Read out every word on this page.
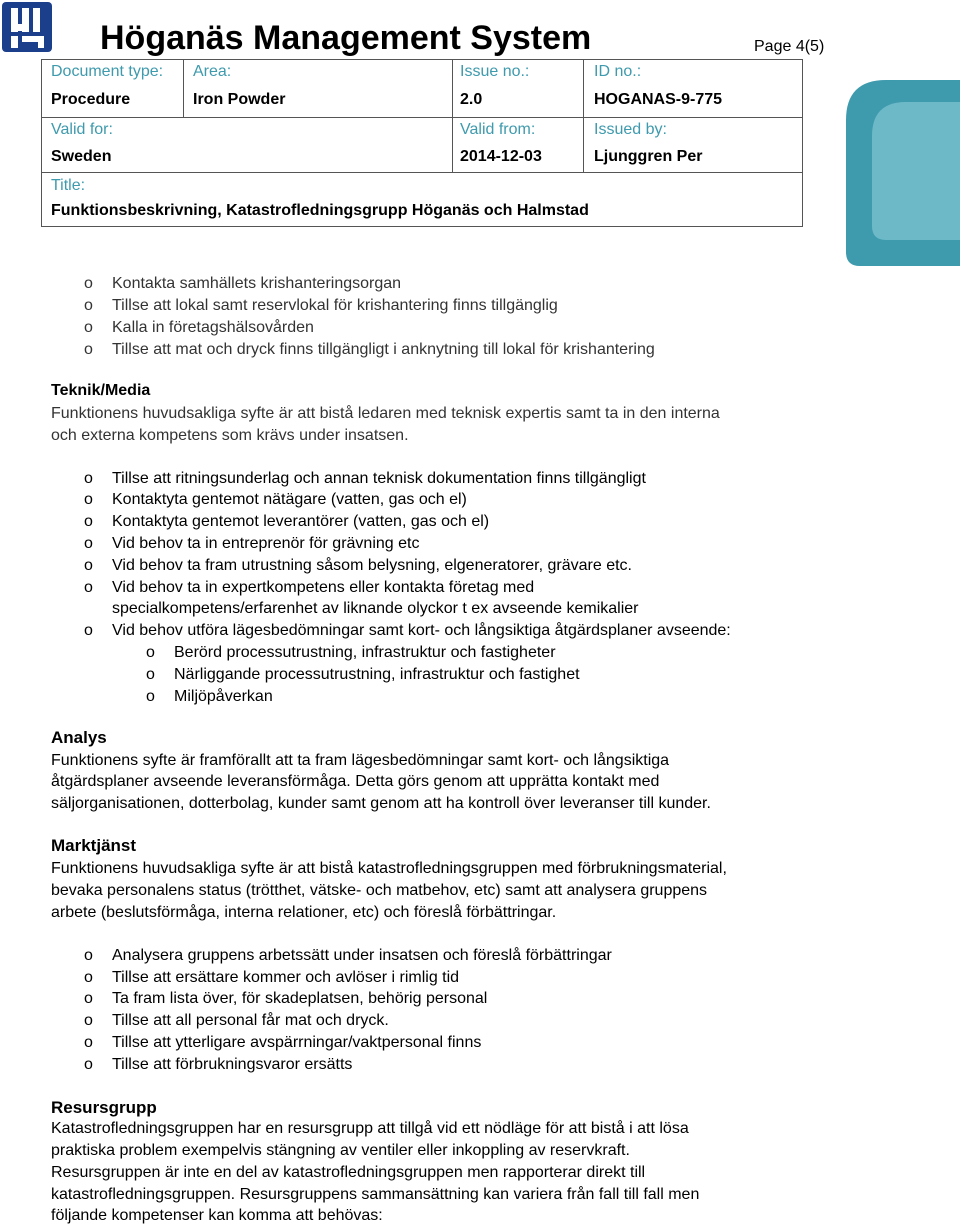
Höganäs Management System	Page 4(5)
Document type:
Procedure
Area:
Iron Powder
Issue no.:
2.0
ID no.:
HOGANAS-9-775
Valid for:
Sweden
Valid from:
2014-12-03
Issued by:
Ljunggren Per
Title:
Funktionsbeskrivning, Katastrofledningsgrupp Höganäs och Halmstad
o Kontakta samhällets krishanteringsorgan
o Tillse att lokal samt reservlokal för krishantering finns tillgänglig
o Kalla in företagshälsovården
o Tillse att mat och dryck finns tillgängligt i anknytning till lokal för krishantering
Teknik/Media
Funktionens huvudsakliga syfte är att bistå ledaren med teknisk expertis samt ta in den interna
och externa kompetens som krävs under insatsen.
o Tillse att ritningsunderlag och annan teknisk dokumentation finns tillgängligt
o Kontaktyta gentemot nätägare (vatten, gas och el)
o Kontaktyta gentemot leverantörer (vatten, gas och el)
o Vid behov ta in entreprenör för grävning etc
o Vid behov ta fram utrustning såsom belysning, elgeneratorer, grävare etc.
o Vid behov ta in expertkompetens eller kontakta företag med
specialkompetens/erfarenhet av liknande olyckor t ex avseende kemikalier
o Vid behov utföra lägesbedömningar samt kort- och långsiktiga åtgärdsplaner avseende:
o Berörd processutrustning, infrastruktur och fastigheter
o Närliggande processutrustning, infrastruktur och fastighet
o Miljöpåverkan
Analys
Funktionens syfte är framförallt att ta fram lägesbedömningar samt kort- och långsiktiga
åtgärdsplaner avseende leveransförmåga. Detta görs genom att upprätta kontakt med
säljorganisationen, dotterbolag, kunder samt genom att ha kontroll över leveranser till kunder.
Marktjänst
Funktionens huvudsakliga syfte är att bistå katastrofledningsgruppen med förbrukningsmaterial,
bevaka personalens status (trötthet, vätske- och matbehov, etc) samt att analysera gruppens
arbete (beslutsförmåga, interna relationer, etc) och föreslå förbättringar.
o Analysera gruppens arbetssätt under insatsen och föreslå förbättringar
o Tillse att ersättare kommer och avlöser i rimlig tid
o Ta fram lista över, för skadeplatsen, behörig personal
o Tillse att all personal får mat och dryck.
o Tillse att ytterligare avspärrningar/vaktpersonal finns
o Tillse att förbrukningsvaror ersätts
Resursgrupp
Katastrofledningsgruppen har en resursgrupp att tillgå vid ett nödläge för att bistå i att lösa
praktiska problem exempelvis stängning av ventiler eller inkoppling av reservkraft.
Resursgruppen är inte en del av katastrofledningsgruppen men rapporterar direkt till
katastrofledningsgruppen. Resursgruppens sammansättning kan variera från fall till fall men
följande kompetenser kan komma att behövas:
